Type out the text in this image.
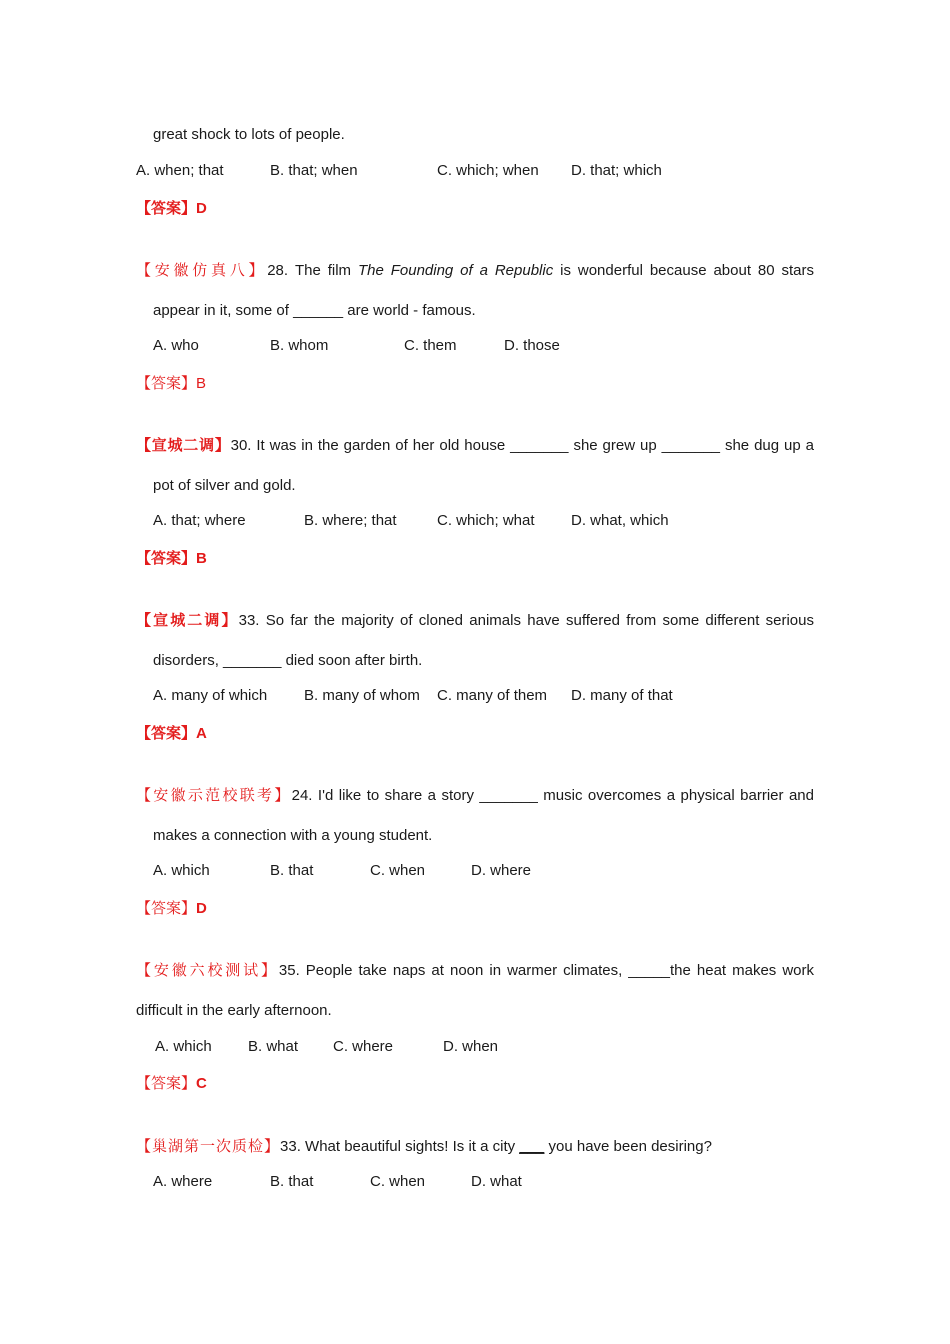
great shock to lots of people.
A. when; that	B. that; when	C. which; when D. that; which
【答案】D
【安徽仿真八】28. The film The Founding of a Republic is wonderful because about 80 stars
appear in it, some of ______ are world - famous.
A. who	B. whom	C. them	D. those
【答案】B
【宣城二调】30. It was in the garden of her old house _______ she grew up _______ she dug up a
pot of silver and gold.
A. that; where	B. where; that	C. which; what D. what, which
【答案】B
【宣城二调】33. So far the majority of cloned animals have suffered from some different serious
disorders, _______ died soon after birth.
A. many of which B. many of whom C. many of them D. many of that
【答案】A
【安徽示范校联考】24. I'd like to share a story _______ music overcomes a physical barrier and
makes a connection with a young student.
A. which	B. that	C. when	D. where
【答案】D
【安徽六校测试】35. People take naps at noon in warmer climates, _____the heat makes work
difficult in the early afternoon.
A. which B. what C. where	D. when
【答案】C
【巢湖第一次质检】33. What beautiful sights! Is it a city ___ you have been desiring?
A. where	B. that	C. when	D. what
